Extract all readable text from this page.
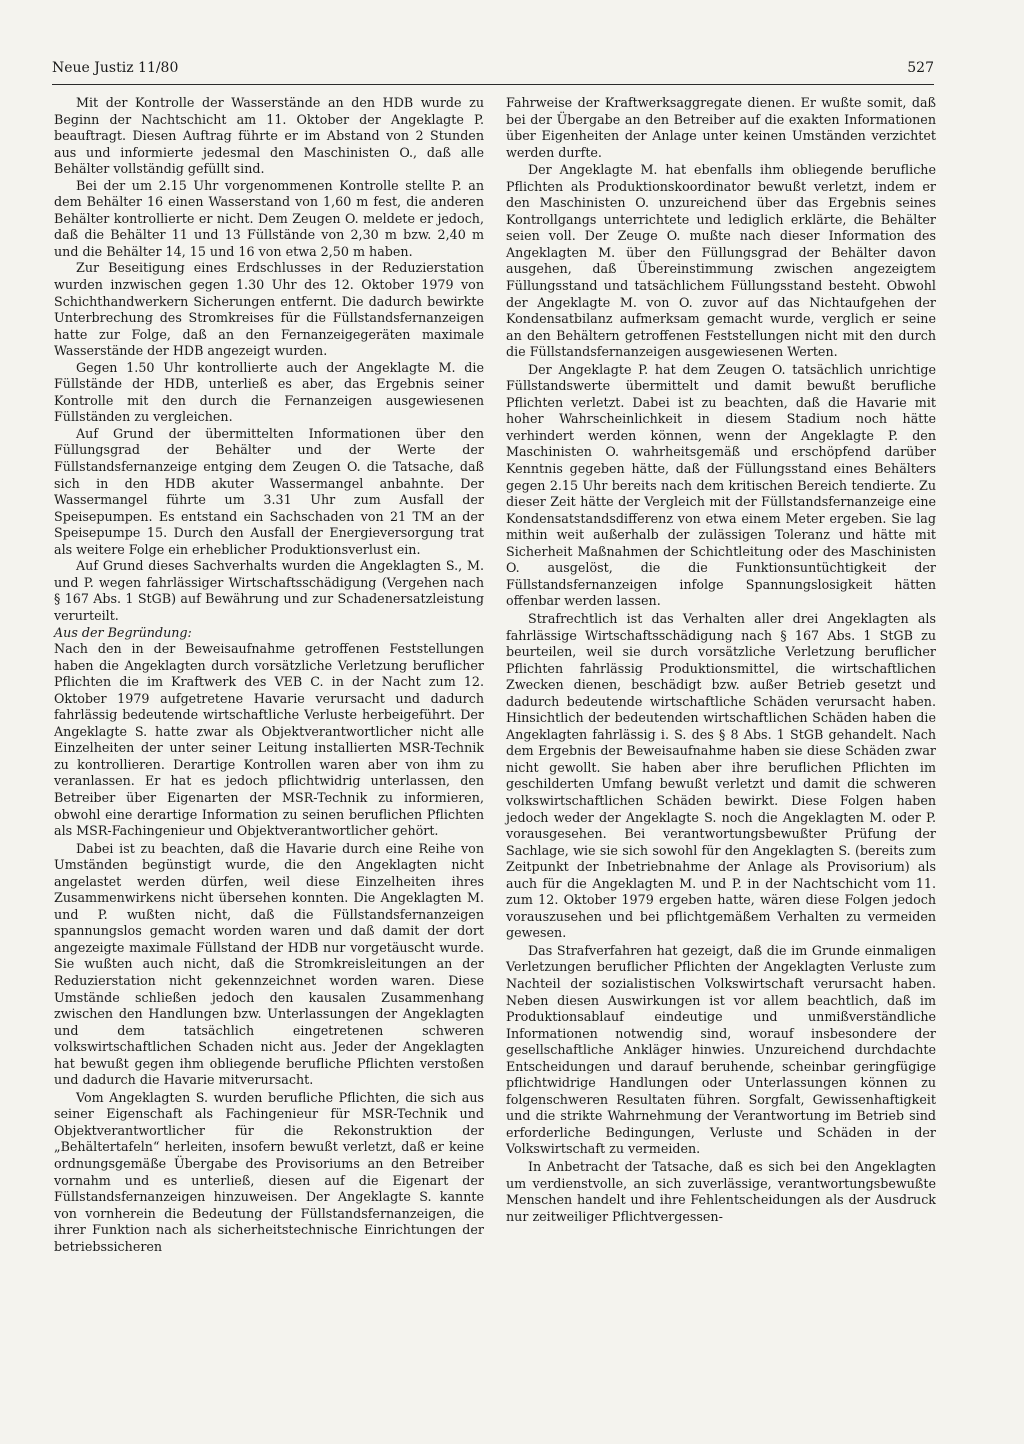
Neue Justiz 11/80	527

Mit der Kontrolle der Wasserstände an den HDB wurde zu Beginn der Nachtschicht am 11. Oktober der Angeklagte P. beauftragt. Diesen Auftrag führte er im Abstand von 2 Stunden aus und informierte jedesmal den Maschinisten O., daß alle Behälter vollständig gefüllt sind.

Bei der um 2.15 Uhr vorgenommenen Kontrolle stellte P. an dem Behälter 16 einen Wasserstand von 1,60 m fest, die anderen Behälter kontrollierte er nicht. Dem Zeugen O. meldete er jedoch, daß die Behälter 11 und 13 Füllstände von 2,30 m bzw. 2,40 m und die Behälter 14, 15 und 16 von etwa 2,50 m haben.

Zur Beseitigung eines Erdschlusses in der Reduzierstation wurden inzwischen gegen 1.30 Uhr des 12. Oktober 1979 von Schichthandwerkern Sicherungen entfernt. Die dadurch bewirkte Unterbrechung des Stromkreises für die Füllstandsfernanzeigen hatte zur Folge, daß an den Fernanzeigegeräten maximale Wasserstände der HDB angezeigt wurden.

Gegen 1.50 Uhr kontrollierte auch der Angeklagte M. die Füllstände der HDB, unterließ es aber, das Ergebnis seiner Kontrolle mit den durch die Fernanzeigen ausgewiesenen Füllständen zu vergleichen.

Auf Grund der übermittelten Informationen über den Füllungsgrad der Behälter und der Werte der Füllstandsfernanzeige entging dem Zeugen O. die Tatsache, daß sich in den HDB akuter Wassermangel anbahnte. Der Wassermangel führte um 3.31 Uhr zum Ausfall der Speisepumpen. Es entstand ein Sachschaden von 21 TM an der Speisepumpe 15. Durch den Ausfall der Energieversorgung trat als weitere Folge ein erheblicher Produktionsverlust ein.

Auf Grund dieses Sachverhalts wurden die Angeklagten S., M. und P. wegen fahrlässiger Wirtschaftsschädigung (Vergehen nach § 167 Abs. 1 StGB) auf Bewährung und zur Schadenersatzleistung verurteilt.

Aus der Begründung:

Nach den in der Beweisaufnahme getroffenen Feststellungen haben die Angeklagten durch vorsätzliche Verletzung beruflicher Pflichten die im Kraftwerk des VEB C. in der Nacht zum 12. Oktober 1979 aufgetretene Havarie verursacht und dadurch fahrlässig bedeutende wirtschaftliche Verluste herbeigeführt. Der Angeklagte S. hatte zwar als Objektverantwortlicher nicht alle Einzelheiten der unter seiner Leitung installierten MSR-Technik zu kontrollieren. Derartige Kontrollen waren aber von ihm zu veranlassen. Er hat es jedoch pflichtwidrig unterlassen, den Betreiber über Eigenarten der MSR-Technik zu informieren, obwohl eine derartige Information zu seinen beruflichen Pflichten als MSR-Fachingenieur und Objektverantwortlicher gehört.

Dabei ist zu beachten, daß die Havarie durch eine Reihe von Umständen begünstigt wurde, die den Angeklagten nicht angelastet werden dürfen, weil diese Einzelheiten ihres Zusammenwirkens nicht übersehen konnten. Die Angeklagten M. und P. wußten nicht, daß die Füllstandsfernanzeigen spannungslos gemacht worden waren und daß damit der dort angezeigte maximale Füllstand der HDB nur vorgetäuscht wurde. Sie wußten auch nicht, daß die Stromkreisleitungen an der Reduzierstation nicht gekennzeichnet worden waren. Diese Umstände schließen jedoch den kausalen Zusammenhang zwischen den Handlungen bzw. Unterlassungen der Angeklagten und dem tatsächlich eingetretenen schweren volkswirtschaftlichen Schaden nicht aus. Jeder der Angeklagten hat bewußt gegen ihm obliegende berufliche Pflichten verstoßen und dadurch die Havarie mitverursacht.

Vom Angeklagten S. wurden berufliche Pflichten, die sich aus seiner Eigenschaft als Fachingenieur für MSR-Technik und Objektverantwortlicher für die Rekonstruktion der „Behältertafeln“ herleiten, insofern bewußt verletzt, daß er keine ordnungsgemäße Übergabe des Provisoriums an den Betreiber vornahm und es unterließ, diesen auf die Eigenart der Füllstandsfernanzeigen hinzuweisen. Der Angeklagte S. kannte von vornherein die Bedeutung der Füllstandsfernanzeigen, die ihrer Funktion nach als sicherheitstechnische Einrichtungen der betriebssicheren

Fahrweise der Kraftwerksaggregate dienen. Er wußte somit, daß bei der Übergabe an den Betreiber auf die exakten Informationen über Eigenheiten der Anlage unter keinen Umständen verzichtet werden durfte.

Der Angeklagte M. hat ebenfalls ihm obliegende berufliche Pflichten als Produktionskoordinator bewußt verletzt, indem er den Maschinisten O. unzureichend über das Ergebnis seines Kontrollgangs unterrichtete und lediglich erklärte, die Behälter seien voll. Der Zeuge O. mußte nach dieser Information des Angeklagten M. über den Füllungsgrad der Behälter davon ausgehen, daß Übereinstimmung zwischen angezeigtem Füllungsstand und tatsächlichem Füllungsstand besteht. Obwohl der Angeklagte M. von O. zuvor auf das Nichtaufgehen der Kondensatbilanz aufmerksam gemacht wurde, verglich er seine an den Behältern getroffenen Feststellungen nicht mit den durch die Füllstandsfernanzeigen ausgewiesenen Werten.

Der Angeklagte P. hat dem Zeugen O. tatsächlich unrichtige Füllstandswerte übermittelt und damit bewußt berufliche Pflichten verletzt. Dabei ist zu beachten, daß die Havarie mit hoher Wahrscheinlichkeit in diesem Stadium noch hätte verhindert werden können, wenn der Angeklagte P. den Maschinisten O. wahrheitsgemäß und erschöpfend darüber Kenntnis gegeben hätte, daß der Füllungsstand eines Behälters gegen 2.15 Uhr bereits nach dem kritischen Bereich tendierte. Zu dieser Zeit hätte der Vergleich mit der Füllstandsfernanzeige eine Kondensatstandsdifferenz von etwa einem Meter ergeben. Sie lag mithin weit außerhalb der zulässigen Toleranz und hätte mit Sicherheit Maßnahmen der Schichtleitung oder des Maschinisten O. ausgelöst, die die Funktionsuntüchtigkeit der Füllstandsfernanzeigen infolge Spannungslosigkeit hätten offenbar werden lassen.

Strafrechtlich ist das Verhalten aller drei Angeklagten als fahrlässige Wirtschaftsschädigung nach § 167 Abs. 1 StGB zu beurteilen, weil sie durch vorsätzliche Verletzung beruflicher Pflichten fahrlässig Produktionsmittel, die wirtschaftlichen Zwecken dienen, beschädigt bzw. außer Betrieb gesetzt und dadurch bedeutende wirtschaftliche Schäden verursacht haben. Hinsichtlich der bedeutenden wirtschaftlichen Schäden haben die Angeklagten fahrlässig i. S. des § 8 Abs. 1 StGB gehandelt. Nach dem Ergebnis der Beweisaufnahme haben sie diese Schäden zwar nicht gewollt. Sie haben aber ihre beruflichen Pflichten im geschilderten Umfang bewußt verletzt und damit die schweren volkswirtschaftlichen Schäden bewirkt. Diese Folgen haben jedoch weder der Angeklagte S. noch die Angeklagten M. oder P. vorausgesehen. Bei verantwortungsbewußter Prüfung der Sachlage, wie sie sich sowohl für den Angeklagten S. (bereits zum Zeitpunkt der Inbetriebnahme der Anlage als Provisorium) als auch für die Angeklagten M. und P. in der Nachtschicht vom 11. zum 12. Oktober 1979 ergeben hatte, wären diese Folgen jedoch vorauszusehen und bei pflichtgemäßem Verhalten zu vermeiden gewesen.

Das Strafverfahren hat gezeigt, daß die im Grunde einmaligen Verletzungen beruflicher Pflichten der Angeklagten Verluste zum Nachteil der sozialistischen Volkswirtschaft verursacht haben. Neben diesen Auswirkungen ist vor allem beachtlich, daß im Produktionsablauf eindeutige und unmißverständliche Informationen notwendig sind, worauf insbesondere der gesellschaftliche Ankläger hinwies. Unzureichend durchdachte Entscheidungen und darauf beruhende, scheinbar geringfügige pflichtwidrige Handlungen oder Unterlassungen können zu folgenschweren Resultaten führen. Sorgfalt, Gewissenhaftigkeit und die strikte Wahrnehmung der Verantwortung im Betrieb sind erforderliche Bedingungen, Verluste und Schäden in der Volkswirtschaft zu vermeiden.

In Anbetracht der Tatsache, daß es sich bei den Angeklagten um verdienstvolle, an sich zuverlässige, verantwortungsbewußte Menschen handelt und ihre Fehlentscheidungen als der Ausdruck nur zeitweiliger Pflichtvergessen-
